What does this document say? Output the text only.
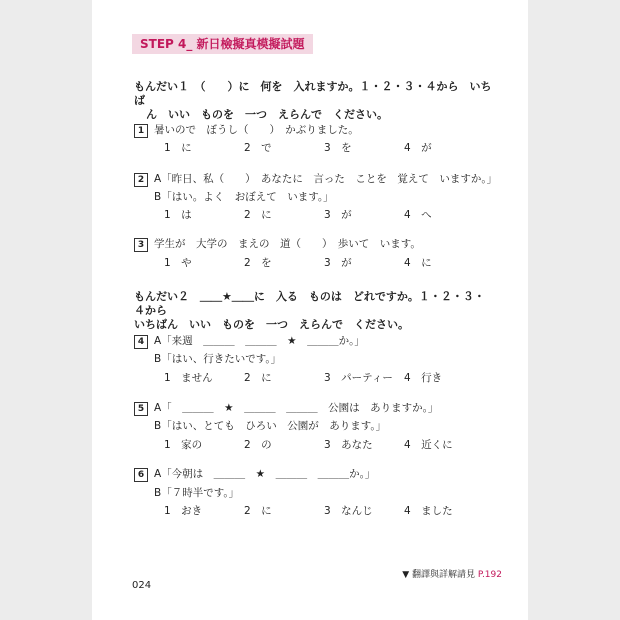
STEP 4_ 新日檢擬真模擬試題
もんだい１　（　　）に　何を　入れますか。１・２・３・４から　いちば
ん　いい　ものを　一つ　えらんで　ください。
1 暑いので　ぼうし（　　）　かぶりました。
1　に	2　で	3　を	4　が
2 A「昨日、私（　　）　あなたに　言った　ことを　覚えて　いますか。」
B「はい。よく　おぼえて　います。」
1　は	2　に	3　が	4　へ
3 学生が　大学の　まえの　道（　　）　歩いて　います。
1　や	2　を	3　が	4　に
もんだい２　＿＿★＿＿に　入る　ものは　どれですか。１・２・３・４から
いちばん　いい　ものを　一つ　えらんで　ください。
4 A「来週　＿＿＿　＿＿＿　★　＿＿＿か。」
B「はい、行きたいです。」
1　ません	2　に	3　パーティー 4　行き
5 A「　＿＿＿　★　＿＿＿　＿＿＿　公園は　ありますか。」
B「はい、とても　ひろい　公園が　あります。」
1　家の	2　の	3　あなた	4　近くに
6 A「今朝は　＿＿＿　★　＿＿＿　＿＿＿か。」
B「７時半です。」
1　おき	2　に	3　なんじ	4　ました
▼ 翻譯與詳解請見 P.192
024
